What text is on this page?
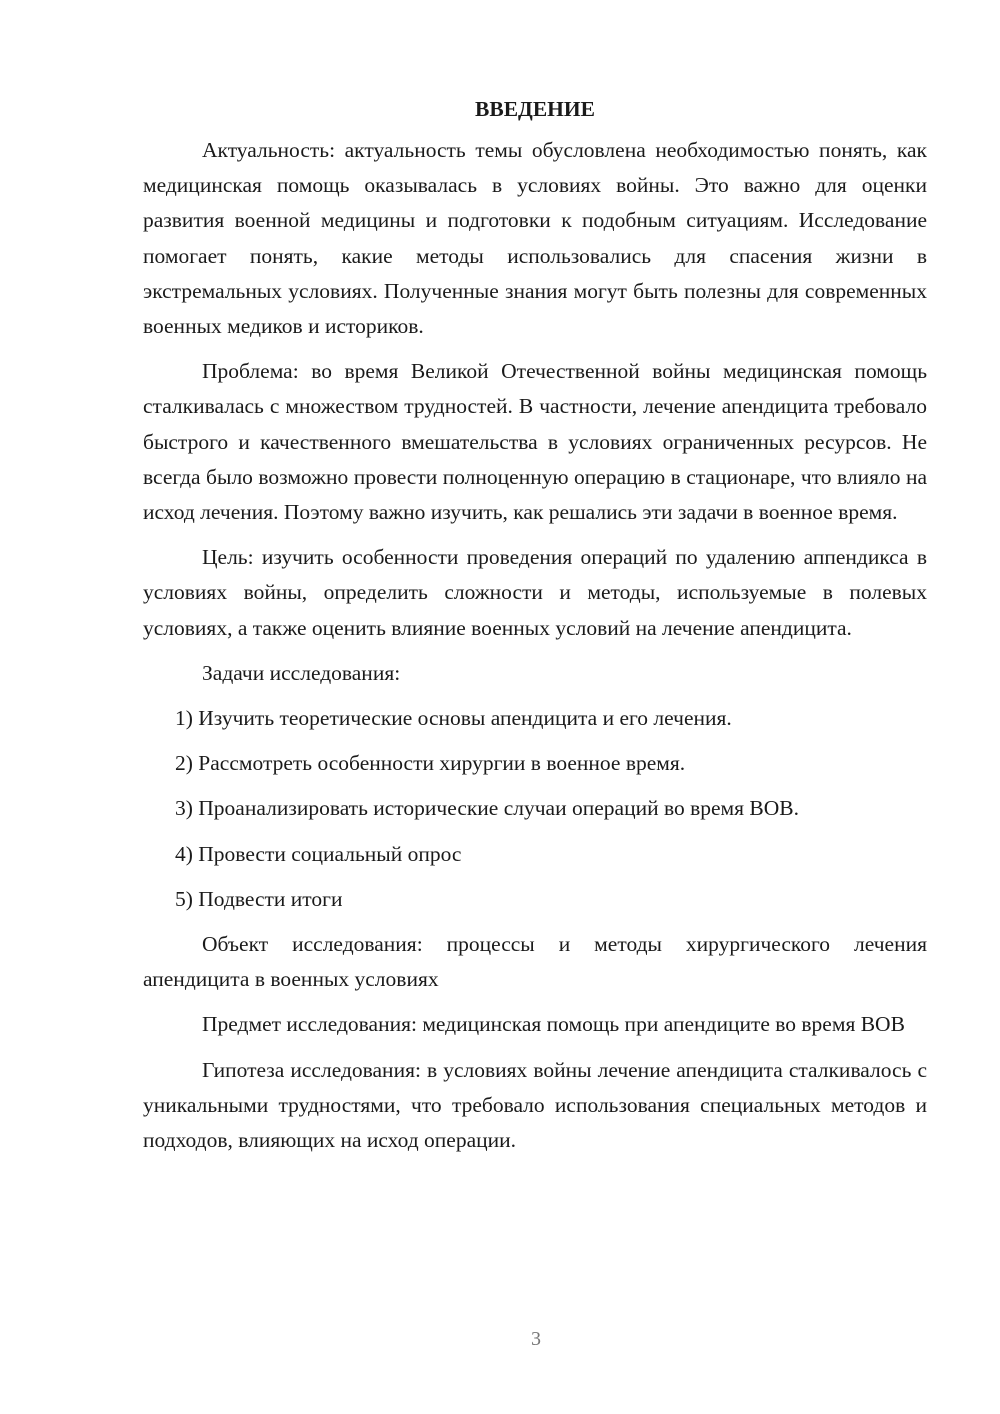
ВВЕДЕНИЕ

Актуальность: актуальность темы обусловлена необходимостью понять, как медицинская помощь оказывалась в условиях войны. Это важно для оценки развития военной медицины и подготовки к подобным ситуациям. Исследование помогает понять, какие методы использовались для спасения жизни в экстремальных условиях. Полученные знания могут быть полезны для современных военных медиков и историков.

Проблема: во время Великой Отечественной войны медицинская помощь сталкивалась с множеством трудностей. В частности, лечение апендицита требовало быстрого и качественного вмешательства в условиях ограниченных ресурсов. Не всегда было возможно провести полноценную операцию в стационаре, что влияло на исход лечения. Поэтому важно изучить, как решались эти задачи в военное время.

Цель: изучить особенности проведения операций по удалению аппендикса в условиях войны, определить сложности и методы, используемые в полевых условиях, а также оценить влияние военных условий на лечение апендицита.

Задачи исследования:

1) Изучить теоретические основы апендицита и его лечения.
2) Рассмотреть особенности хирургии в военное время.
3) Проанализировать исторические случаи операций во время ВОВ.
4) Провести социальный опрос
5) Подвести итоги

Объект исследования: процессы и методы хирургического лечения апендицита в военных условиях

Предмет исследования: медицинская помощь при апендиците во время ВОВ

Гипотеза исследования: в условиях войны лечение апендицита сталкивалось с уникальными трудностями, что требовало использования специальных методов и подходов, влияющих на исход операции.

3
